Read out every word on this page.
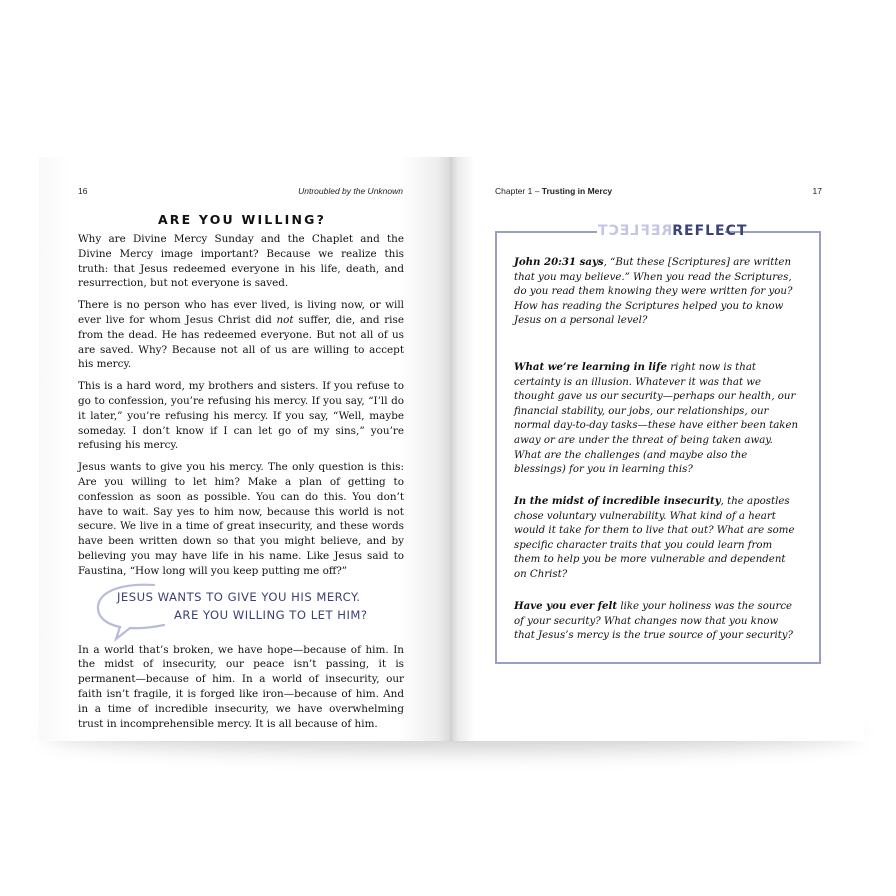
16	Untroubled by the Unknown
ARE YOU WILLING?

Why are Divine Mercy Sunday and the Chaplet and the Divine Mercy image important? Because we realize this truth: that Jesus redeemed everyone in his life, death, and resurrection, but not everyone is saved.

There is no person who has ever lived, is living now, or will ever live for whom Jesus Christ did not suffer, die, and rise from the dead. He has redeemed everyone. But not all of us are saved. Why? Because not all of us are willing to accept his mercy.

This is a hard word, my brothers and sisters. If you refuse to go to confession, you’re refusing his mercy. If you say, “I’ll do it later,” you’re refusing his mercy. If you say, “Well, maybe someday. I don’t know if I can let go of my sins,” you’re refusing his mercy.

Jesus wants to give you his mercy. The only question is this: Are you willing to let him? Make a plan of getting to confession as soon as possible. You can do this. You don’t have to wait. Say yes to him now, because this world is not secure. We live in a time of great insecurity, and these words have been written down so that you might believe, and by believing you may have life in his name. Like Jesus said to Faustina, “How long will you keep putting me off?”

JESUS WANTS TO GIVE YOU HIS MERCY.
ARE YOU WILLING TO LET HIM?

In a world that’s broken, we have hope—because of him. In the midst of insecurity, our peace isn’t passing, it is permanent—because of him. In a world of insecurity, our faith isn’t fragile, it is forged like iron—because of him. And in a time of incredible insecurity, we have overwhelming trust in incomprehensible mercy. It is all because of him.

Chapter 1 – Trusting in Mercy	17
REFLECTREFLECT

John 20:31 says, “But these [Scriptures] are written that you may believe.” When you read the Scriptures, do you read them knowing they were written for you? How has reading the Scriptures helped you to know Jesus on a personal level?

What we’re learning in life right now is that certainty is an illusion. Whatever it was that we thought gave us our security—perhaps our health, our financial stability, our jobs, our relationships, our normal day-to-day tasks—these have either been taken away or are under the threat of being taken away. What are the challenges (and maybe also the blessings) for you in learning this?

In the midst of incredible insecurity, the apostles chose voluntary vulnerability. What kind of a heart would it take for them to live that out? What are some specific character traits that you could learn from them to help you be more vulnerable and dependent on Christ?

Have you ever felt like your holiness was the source of your security? What changes now that you know that Jesus’s mercy is the true source of your security?
